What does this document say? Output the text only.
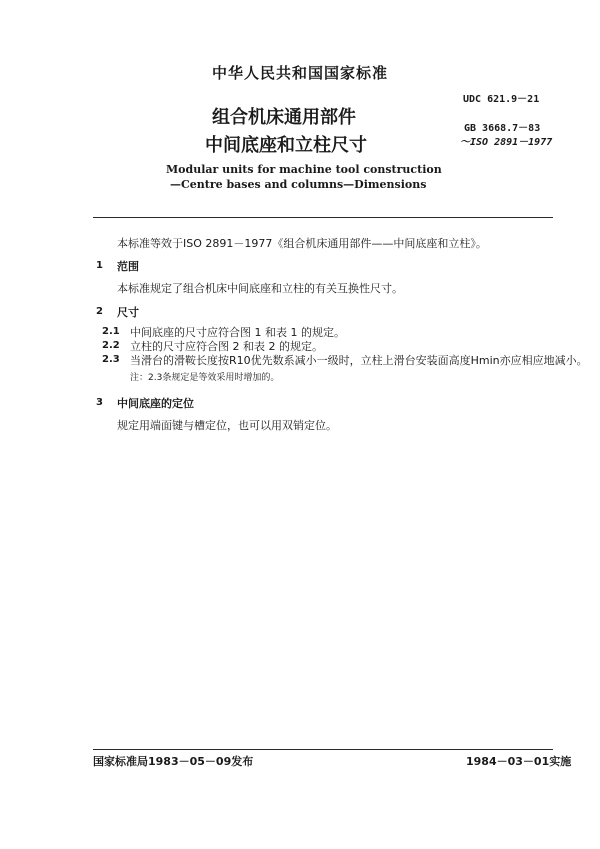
中华人民共和国国家标准
UDC 621.9－21
组合机床通用部件
中间底座和立柱尺寸
GB 3668.7－83
～ISO 2891－1977
Modular units for machine tool construction
—Centre bases and columns—Dimensions
本标准等效于ISO 2891－1977《组合机床通用部件——中间底座和立柱》。
1 范围
本标准规定了组合机床中间底座和立柱的有关互换性尺寸。
2 尺寸
2.1 中间底座的尺寸应符合图 1 和表 1 的规定。
2.2 立柱的尺寸应符合图 2 和表 2 的规定。
2.3 当滑台的滑鞍长度按R10优先数系减小一级时，立柱上滑台安装面高度Hmin亦应相应地减小。
注：2.3条规定是等效采用时增加的。
3 中间底座的定位
规定用端面键与槽定位，也可以用双销定位。
国家标准局1983－05－09发布	1984－03－01实施
